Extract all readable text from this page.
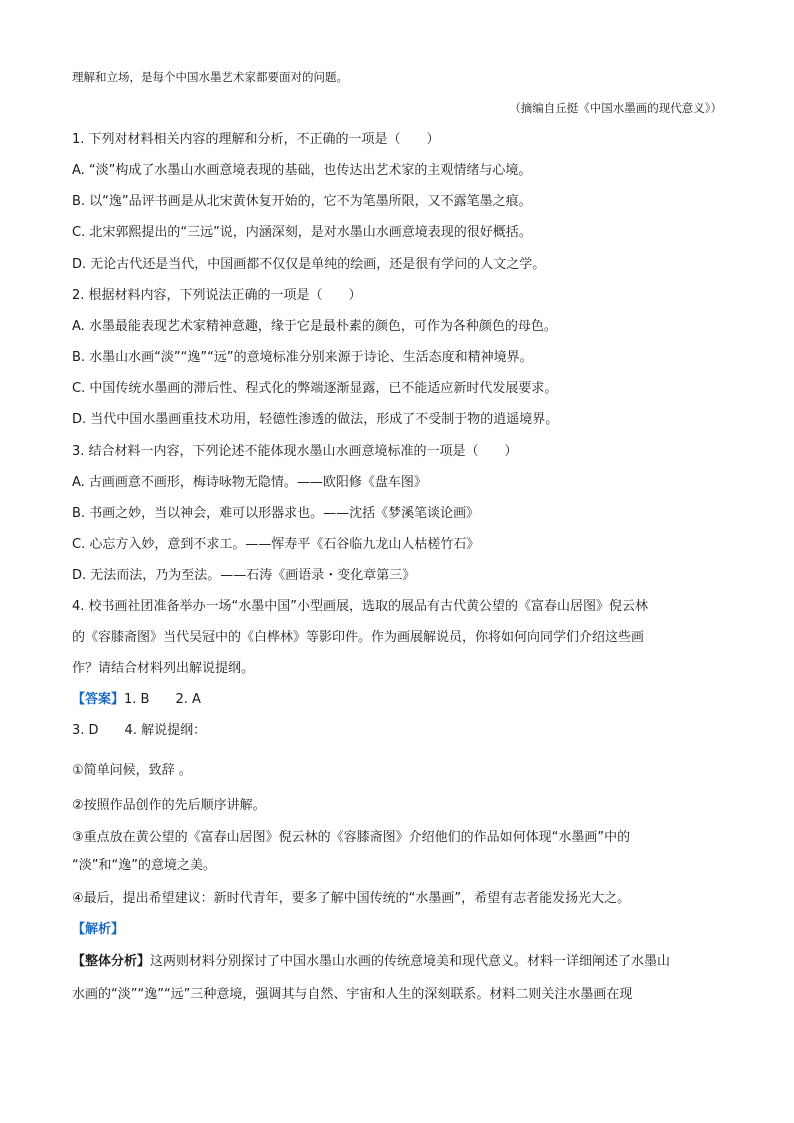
理解和立场，是每个中国水墨艺术家都要面对的问题。
（摘编自丘挺《中国水墨画的现代意义》）
1. 下列对材料相关内容的理解和分析，不正确的一项是（　　）
A. “淡”构成了水墨山水画意境表现的基础，也传达出艺术家的主观情绪与心境。
B. 以“逸”品评书画是从北宋黄休复开始的，它不为笔墨所限，又不露笔墨之痕。
C. 北宋郭熙提出的“三远”说，内涵深刻，是对水墨山水画意境表现的很好概括。
D. 无论古代还是当代，中国画都不仅仅是单纯的绘画，还是很有学问的人文之学。
2. 根据材料内容，下列说法正确的一项是（　　）
A. 水墨最能表现艺术家精神意趣，缘于它是最朴素的颜色，可作为各种颜色的母色。
B. 水墨山水画“淡”“逸”“远”的意境标准分别来源于诗论、生活态度和精神境界。
C. 中国传统水墨画的滞后性、程式化的弊端逐渐显露，已不能适应新时代发展要求。
D. 当代中国水墨画重技术功用，轻德性渗透的做法，形成了不受制于物的逍遥境界。
3. 结合材料一内容，下列论述不能体现水墨山水画意境标准的一项是（　　）
A. 古画画意不画形，梅诗咏物无隐情。——欧阳修《盘车图》
B. 书画之妙，当以神会，难可以形器求也。——沈括《梦溪笔谈论画》
C. 心忘方入妙，意到不求工。——恽寿平《石谷临九龙山人枯槎竹石》
D. 无法而法，乃为至法。——石涛《画语录・变化章第三》
4. 校书画社团准备举办一场“水墨中国”小型画展，选取的展品有古代黄公望的《富春山居图》倪云林
的《容膝斋图》当代吴冠中的《白桦林》等影印件。作为画展解说员，你将如何向同学们介绍这些画
作？请结合材料列出解说提纲。
【答案】1. B　　2. A
3. D　　4. 解说提纲：
①简单问候，致辞 。
②按照作品创作的先后顺序讲解。
③重点放在黄公望的《富春山居图》倪云林的《容膝斋图》介绍他们的作品如何体现“水墨画”中的
“淡”和“逸”的意境之美。
④最后，提出希望建议：新时代青年，要多了解中国传统的“水墨画”，希望有志者能发扬光大之。
【解析】
【整体分析】这两则材料分别探讨了中国水墨山水画的传统意境美和现代意义。材料一详细阐述了水墨山
水画的“淡”“逸”“远”三种意境，强调其与自然、宇宙和人生的深刻联系。材料二则关注水墨画在现
